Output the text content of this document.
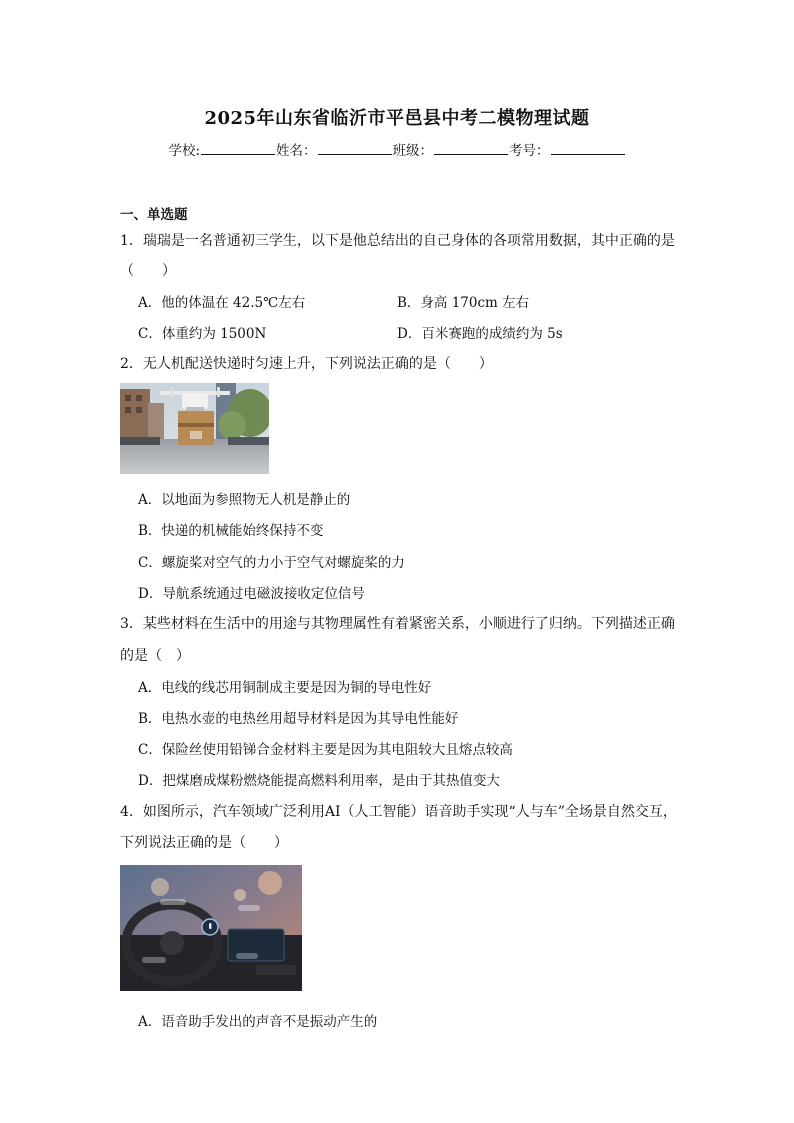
2025年山东省临沂市平邑县中考二模物理试题
学校:	姓名：	班级：	考号：
一、单选题
1．瑞瑞是一名普通初三学生，以下是他总结出的自己身体的各项常用数据，其中正确的是
（　　）
A．他的体温在 42.5℃左右	B．身高 170cm 左右
C．体重约为 1500N	D．百米赛跑的成绩约为 5s
2．无人机配送快递时匀速上升，下列说法正确的是（　　）
A．以地面为参照物无人机是静止的
B．快递的机械能始终保持不变
C．螺旋桨对空气的力小于空气对螺旋桨的力
D．导航系统通过电磁波接收定位信号
3．某些材料在生活中的用途与其物理属性有着紧密关系，小顺进行了归纳。下列描述正确
的是（　）
A．电线的线芯用铜制成主要是因为铜的导电性好
B．电热水壶的电热丝用超导材料是因为其导电性能好
C．保险丝使用铅锑合金材料主要是因为其电阻较大且熔点较高
D．把煤磨成煤粉燃烧能提高燃料利用率，是由于其热值变大
4．如图所示，汽车领域广泛利用AI（人工智能）语音助手实现“人与车”全场景自然交互，
下列说法正确的是（　　）
A．语音助手发出的声音不是振动产生的
